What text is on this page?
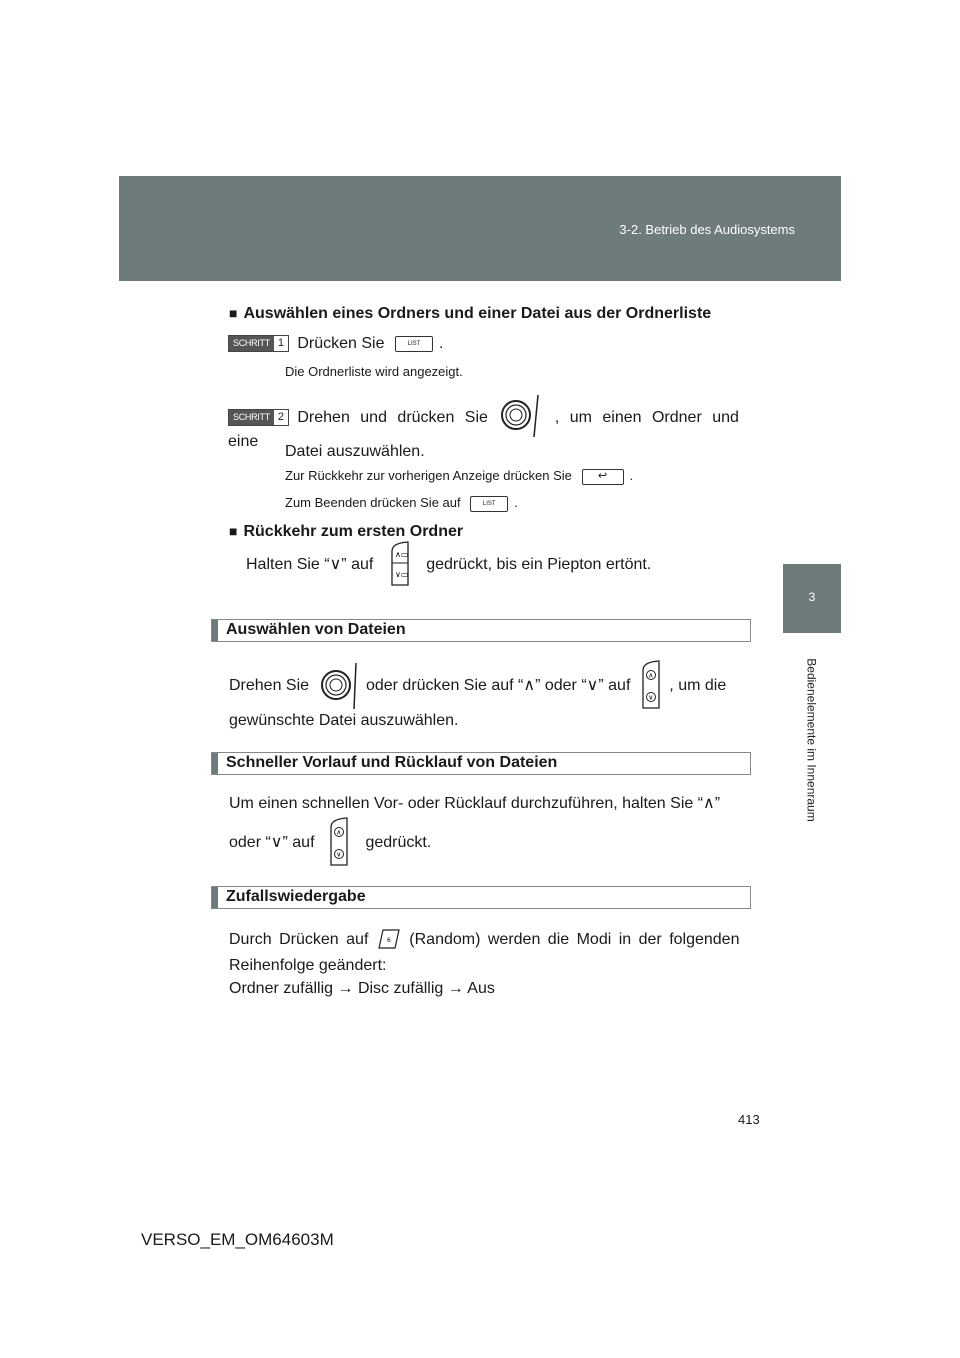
3-2. Betrieb des Audiosystems
3
Bedienelemente im Innenraum
■ Auswählen eines Ordners und einer Datei aus der Ordnerliste
SCHRITT 1 Drücken Sie	LIST .
Die Ordnerliste wird angezeigt.
SCHRITT 2 Drehen und drücken Sie	, um einen Ordner und eine
Datei auszuwählen.
Zur Rückkehr zur vorherigen Anzeige drücken Sie ↩ .
Zum Beenden drücken Sie auf	LIST .
■ Rückkehr zum ersten Ordner
Halten Sie “∨” auf
∧▭
∨▭
gedrückt, bis ein Piepton ertönt.
Auswählen von Dateien
Drehen Sie	oder drücken Sie auf “∧” oder “∨” auf
∧
∨
, um die
gewünschte Datei auszuwählen.
Schneller Vorlauf und Rücklauf von Dateien
Um einen schnellen Vor- oder Rücklauf durchzuführen, halten Sie “∧”
oder “∨” auf
∧
∨
gedrückt.
Zufallswiedergabe
Durch Drücken auf	6 (Random) werden die Modi in der folgenden
Reihenfolge geändert:
Ordner zufällig → Disc zufällig → Aus
413
VERSO_EM_OM64603M
